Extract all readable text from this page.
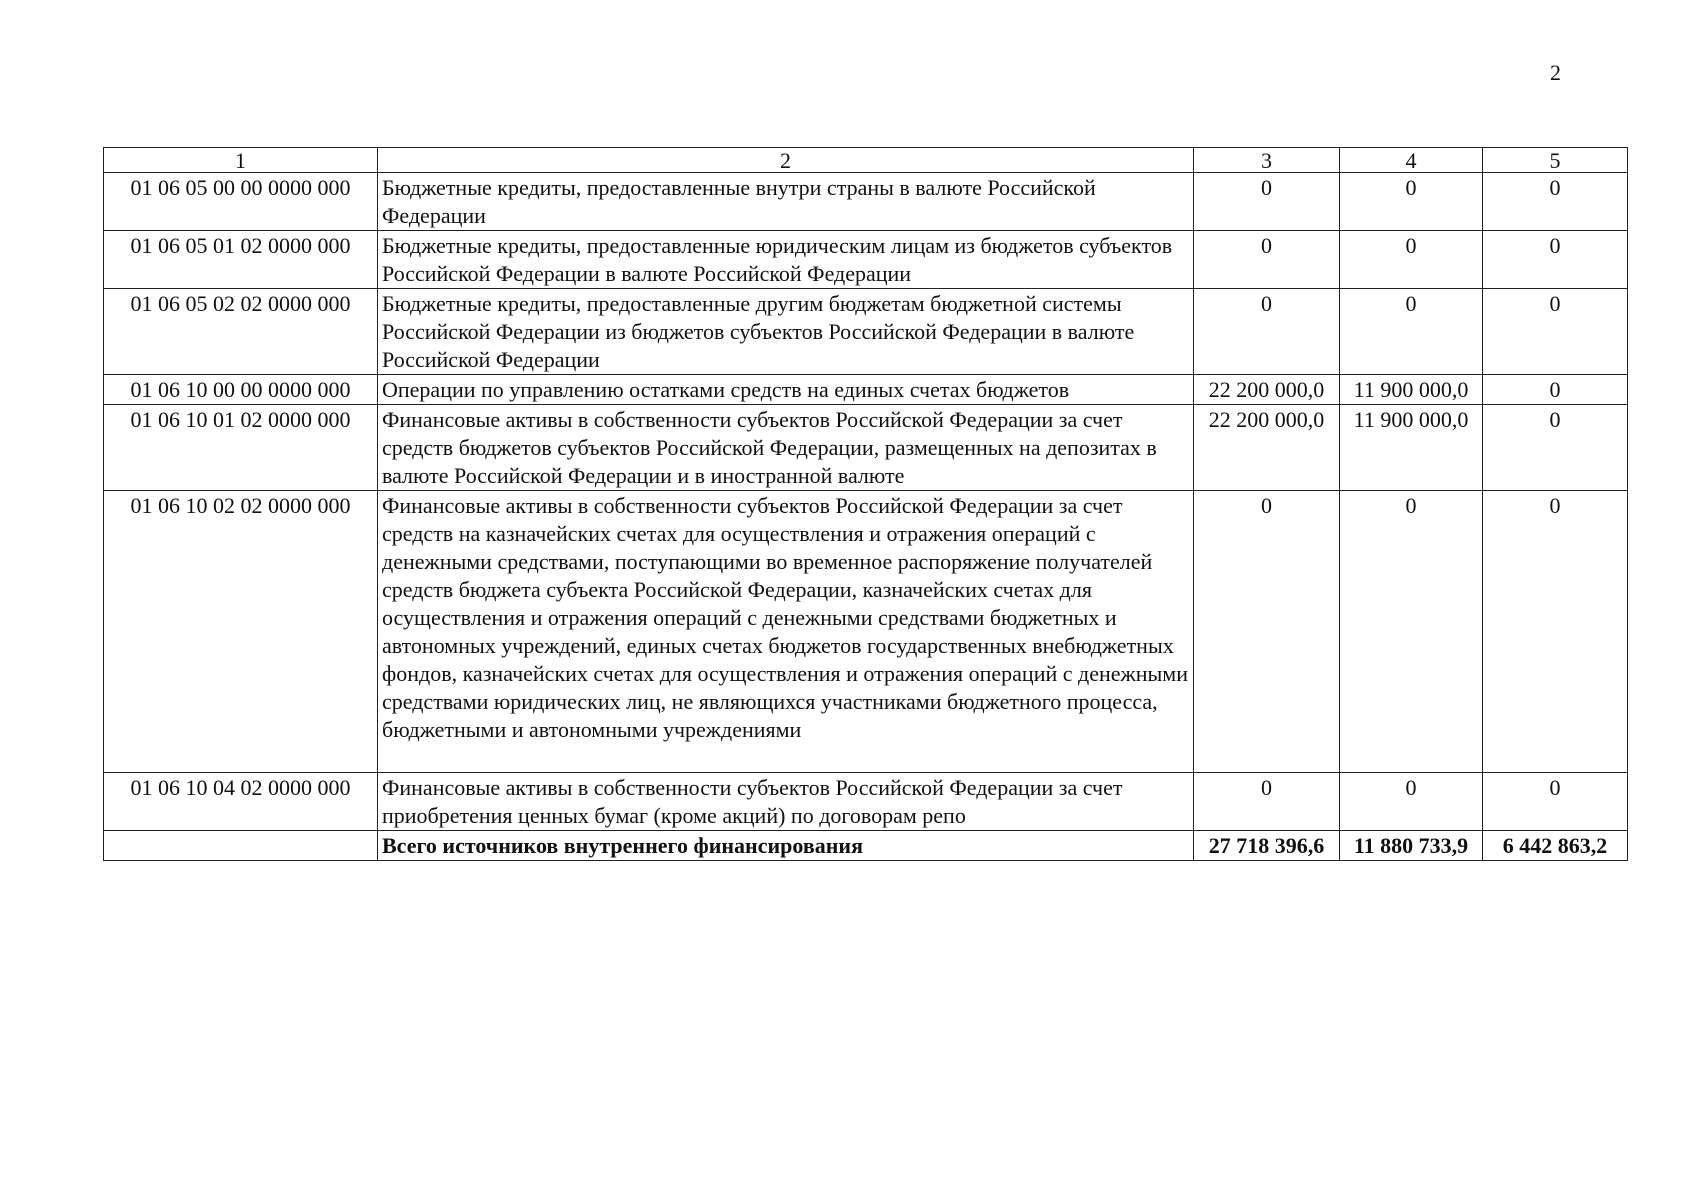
2
1	2	3	4	5
01 06 05 00 00 0000 000	Бюджетные кредиты, предоставленные внутри страны в валюте Российской Федерации	0	0	0
01 06 05 01 02 0000 000	Бюджетные кредиты, предоставленные юридическим лицам из бюджетов субъектов Российской Федерации в валюте Российской Федерации	0	0	0
01 06 05 02 02 0000 000	Бюджетные кредиты, предоставленные другим бюджетам бюджетной системы Российской Федерации из бюджетов субъектов Российской Федерации в валюте Российской Федерации	0	0	0
01 06 10 00 00 0000 000	Операции по управлению остатками средств на единых счетах бюджетов	22 200 000,0	11 900 000,0	0
01 06 10 01 02 0000 000	Финансовые активы в собственности субъектов Российской Федерации за счет средств бюджетов субъектов Российской Федерации, размещенных на депозитах в валюте Российской Федерации и в иностранной валюте	22 200 000,0	11 900 000,0	0
01 06 10 02 02 0000 000	Финансовые активы в собственности субъектов Российской Федерации за счет средств на казначейских счетах для осуществления и отражения операций с денежными средствами, поступающими во временное распоряжение получателей средств бюджета субъекта Российской Федерации, казначейских счетах для осуществления и отражения операций с денежными средствами бюджетных и автономных учреждений, единых счетах бюджетов государственных внебюджетных фондов, казначейских счетах для осуществления и отражения операций с денежными средствами юридических лиц, не являющихся участниками бюджетного процесса, бюджетными и автономными учреждениями	0	0	0
01 06 10 04 02 0000 000	Финансовые активы в собственности субъектов Российской Федерации за счет приобретения ценных бумаг (кроме акций) по договорам репо	0	0	0
	Всего источников внутреннего финансирования	27 718 396,6	11 880 733,9	6 442 863,2
